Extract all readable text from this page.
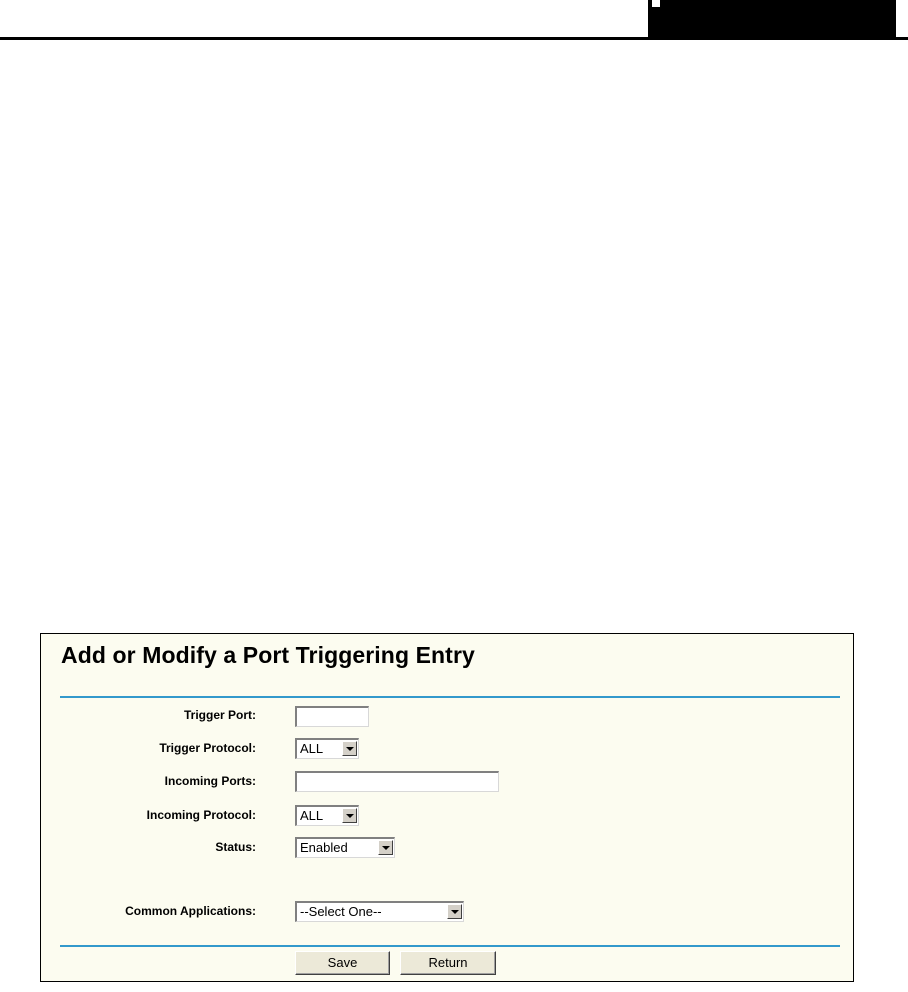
Add or Modify a Port Triggering Entry
Trigger Port:
Trigger Protocol:	ALL
Incoming Ports:
Incoming Protocol:	ALL
Status:	Enabled
Common Applications:	--Select One--
Save	Return
